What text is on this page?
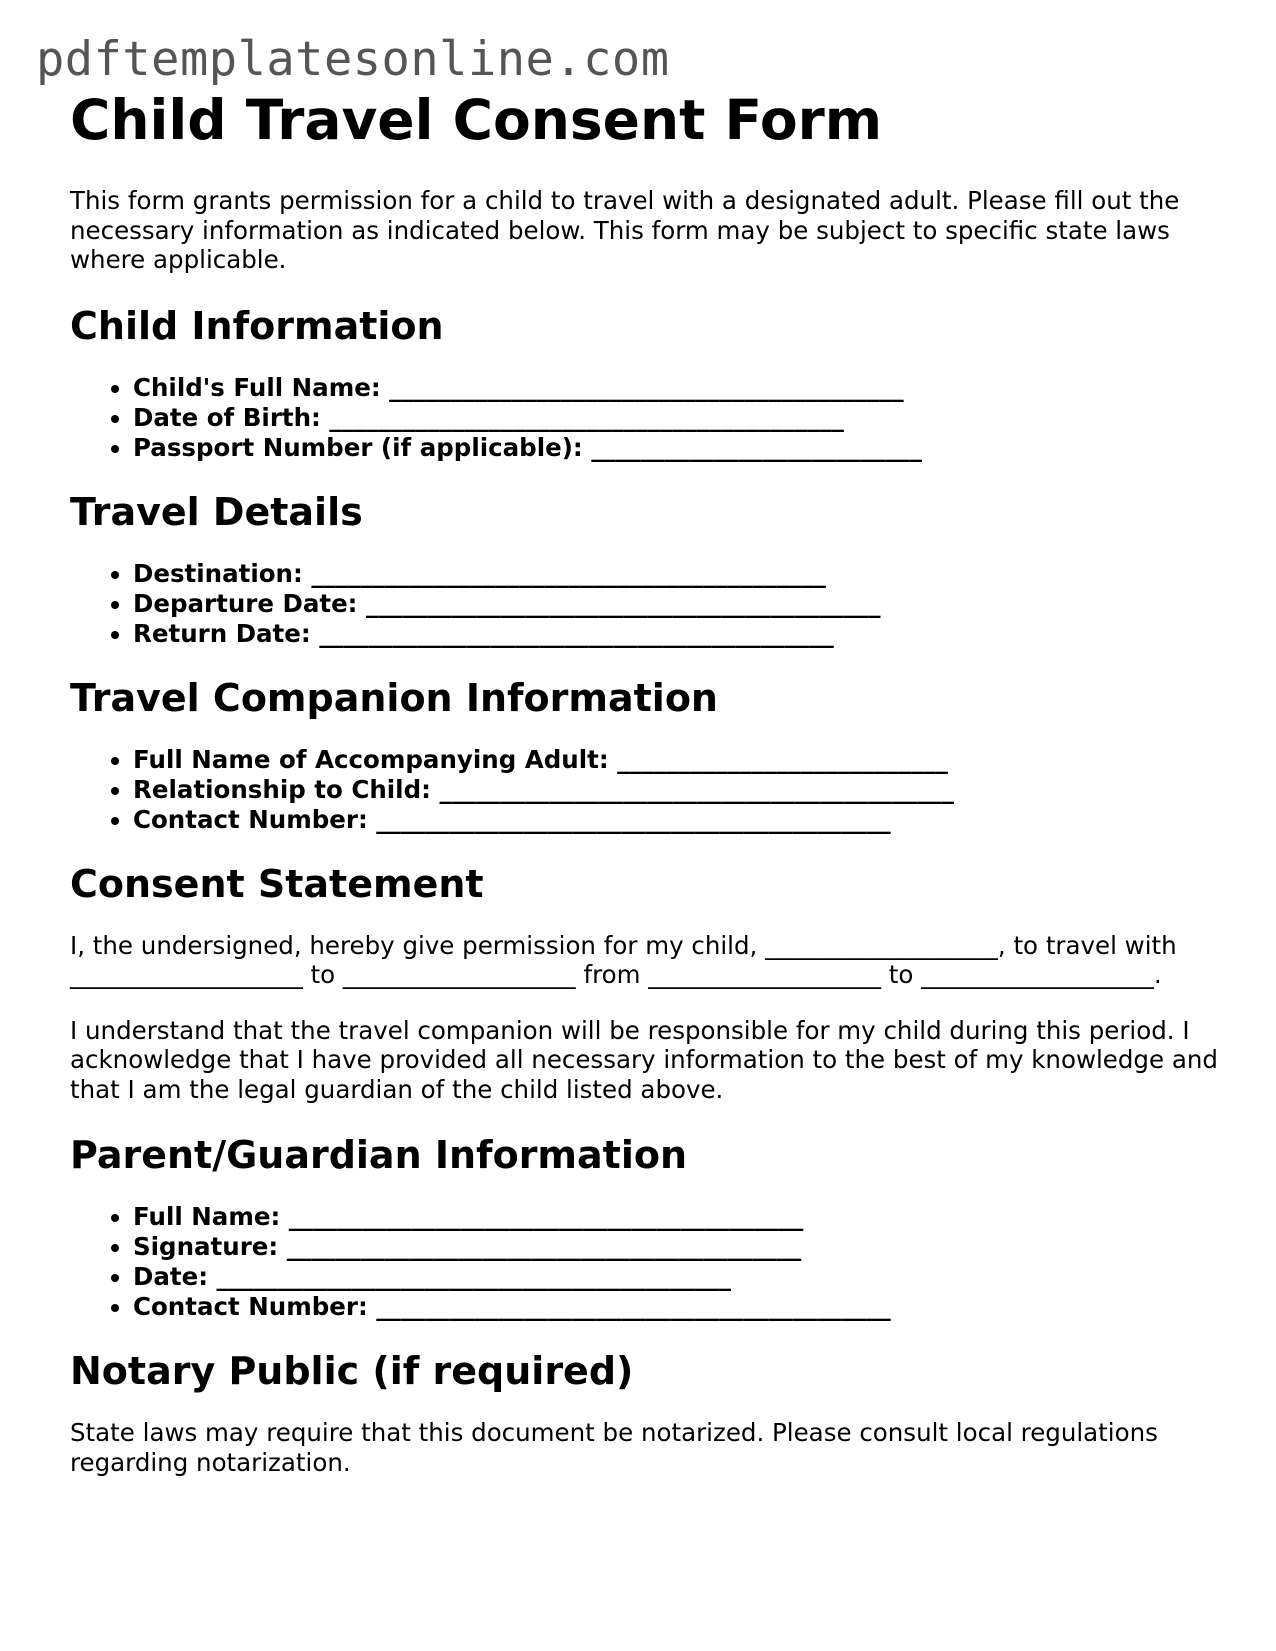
pdftemplatesonline.com
Child Travel Consent Form

This form grants permission for a child to travel with a designated adult. Please fill out the necessary information as indicated below. This form may be subject to specific state laws where applicable.

Child Information
• Child's Full Name: __________________________________________
• Date of Birth: __________________________________________
• Passport Number (if applicable): ___________________________
Travel Details
• Destination: __________________________________________
• Departure Date: __________________________________________
• Return Date: __________________________________________
Travel Companion Information
• Full Name of Accompanying Adult: ___________________________
• Relationship to Child: __________________________________________
• Contact Number: __________________________________________
Consent Statement

I, the undersigned, hereby give permission for my child, ___________________, to travel with ___________________ to ___________________ from ___________________ to ___________________.

I understand that the travel companion will be responsible for my child during this period. I acknowledge that I have provided all necessary information to the best of my knowledge and that I am the legal guardian of the child listed above.

Parent/Guardian Information
• Full Name: __________________________________________
• Signature: __________________________________________
• Date: __________________________________________
• Contact Number: __________________________________________
Notary Public (if required)

State laws may require that this document be notarized. Please consult local regulations regarding notarization.
